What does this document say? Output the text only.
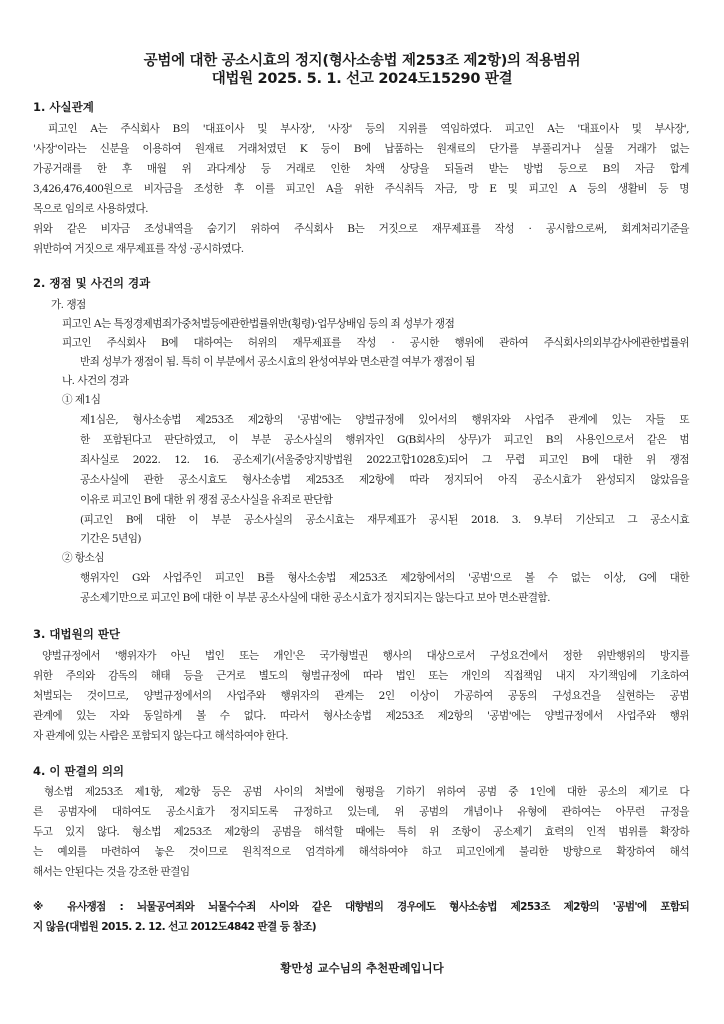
공범에 대한 공소시효의 정지(형사소송법 제253조 제2항)의 적용범위
대법원 2025. 5. 1. 선고 2024도15290 판결
1. 사실관계
피고인 A는 주식회사 B의 '대표이사 및 부사장', '사장' 등의 지위를 역임하였다. 피고인 A는 '대표이사 및 부사장',
'사장'이라는 신분을 이용하여 원재료 거래처였던 K 등이 B에 납품하는 원재료의 단가를 부풀리거나 실물 거래가 없는
가공거래를 한 후 매월 위 과다계상 등 거래로 인한 차액 상당을 되돌려 받는 방법 등으로 B의 자금 합계
3,426,476,400원으로 비자금을 조성한 후 이를 피고인 A을 위한 주식취득 자금, 망 E 및 피고인 A 등의 생활비 등 명
목으로 임의로 사용하였다.
위와 같은 비자금 조성내역을 숨기기 위하여 주식회사 B는 거짓으로 재무제표를 작성 · 공시함으로써, 회계처리기준을
위반하여 거짓으로 재무제표를 작성 ·공시하였다.
2. 쟁점 및 사건의 경과
가. 쟁점
피고인 A는 특정경제범죄가중처벌등에관한법률위반(횡령)·업무상배임 등의 죄 성부가 쟁점
피고인 주식회사 B에 대하여는 허위의 재무제표를 작성 · 공시한 행위에 관하여 주식회사의외부감사에관한법률위
반죄 성부가 쟁점이 됨. 특히 이 부분에서 공소시효의 완성여부와 면소판결 여부가 쟁점이 됨
나. 사건의 경과
① 제1심
제1심은, 형사소송법 제253조 제2항의 '공범'에는 양벌규정에 있어서의 행위자와 사업주 관계에 있는 자들 또
한 포함된다고 판단하였고, 이 부분 공소사실의 행위자인 G(B회사의 상무)가 피고인 B의 사용인으로서 같은 범
죄사실로 2022. 12. 16. 공소제기(서울중앙지방법원 2022고합1028호)되어 그 무렵 피고인 B에 대한 위 쟁점
공소사실에 관한 공소시효도 형사소송법 제253조 제2항에 따라 정지되어 아직 공소시효가 완성되지 않았음을
이유로 피고인 B에 대한 위 쟁점 공소사실을 유죄로 판단함
(피고인 B에 대한 이 부분 공소사실의 공소시효는 재무제표가 공시된 2018. 3. 9.부터 기산되고 그 공소시효
기간은 5년임)
② 항소심
행위자인 G와 사업주인 피고인 B를 형사소송법 제253조 제2항에서의 '공범'으로 볼 수 없는 이상, G에 대한
공소제기만으로 피고인 B에 대한 이 부분 공소사실에 대한 공소시효가 정지되지는 않는다고 보아 면소판결함.
3. 대법원의 판단
양벌규정에서 '행위자가 아닌 법인 또는 개인'은 국가형벌권 행사의 대상으로서 구성요건에서 정한 위반행위의 방지를
위한 주의와 감독의 해태 등을 근거로 별도의 형벌규정에 따라 법인 또는 개인의 직접책임 내지 자기책임에 기초하여
처벌되는 것이므로, 양벌규정에서의 사업주와 행위자의 관계는 2인 이상이 가공하여 공동의 구성요건을 실현하는 공범
관계에 있는 자와 동일하게 볼 수 없다. 따라서 형사소송법 제253조 제2항의 '공범'에는 양벌규정에서 사업주와 행위
자 관계에 있는 사람은 포함되지 않는다고 해석하여야 한다.
4. 이 판결의 의의
형소법 제253조 제1항, 제2항 등은 공범 사이의 처벌에 형평을 기하기 위하여 공범 중 1인에 대한 공소의 제기로 다
른 공범자에 대하여도 공소시효가 정지되도록 규정하고 있는데, 위 공범의 개념이나 유형에 관하여는 아무런 규정을
두고 있지 않다. 형소법 제253조 제2항의 공범을 해석할 때에는 특히 위 조항이 공소제기 효력의 인적 범위를 확장하
는 예외를 마련하여 놓은 것이므로 원칙적으로 엄격하게 해석하여야 하고 피고인에게 불리한 방향으로 확장하여 해석
해서는 안된다는 것을 강조한 판결임
※ 유사쟁점 : 뇌물공여죄와 뇌물수수죄 사이와 같은 대향범의 경우에도 형사소송법 제253조 제2항의 '공범'에 포함되
지 않음(대법원 2015. 2. 12. 선고 2012도4842 판결 등 참조)
황만성 교수님의 추천판례입니다
